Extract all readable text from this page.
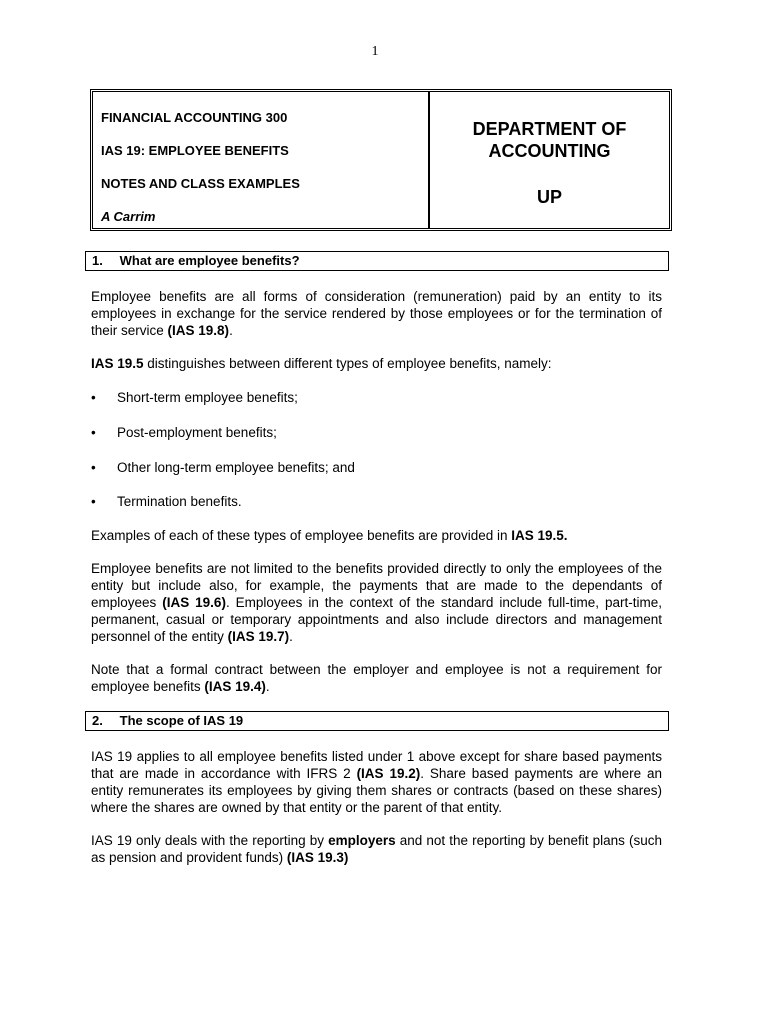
1
FINANCIAL ACCOUNTING 300
IAS 19: EMPLOYEE BENEFITS
NOTES AND CLASS EXAMPLES
A Carrim
DEPARTMENT OF
ACCOUNTING
UP
1. What are employee benefits?
Employee benefits are all forms of consideration (remuneration) paid by an entity to its employees in exchange for the service rendered by those employees or for the termination of their service (IAS 19.8).
IAS 19.5 distinguishes between different types of employee benefits, namely:
• Short-term employee benefits;
• Post-employment benefits;
• Other long-term employee benefits; and
• Termination benefits.
Examples of each of these types of employee benefits are provided in IAS 19.5.
Employee benefits are not limited to the benefits provided directly to only the employees of the entity but include also, for example, the payments that are made to the dependants of employees (IAS 19.6). Employees in the context of the standard include full-time, part-time, permanent, casual or temporary appointments and also include directors and management personnel of the entity (IAS 19.7).
Note that a formal contract between the employer and employee is not a requirement for employee benefits (IAS 19.4).
2. The scope of IAS 19
IAS 19 applies to all employee benefits listed under 1 above except for share based payments that are made in accordance with IFRS 2 (IAS 19.2). Share based payments are where an entity remunerates its employees by giving them shares or contracts (based on these shares) where the shares are owned by that entity or the parent of that entity.
IAS 19 only deals with the reporting by employers and not the reporting by benefit plans (such as pension and provident funds) (IAS 19.3)
